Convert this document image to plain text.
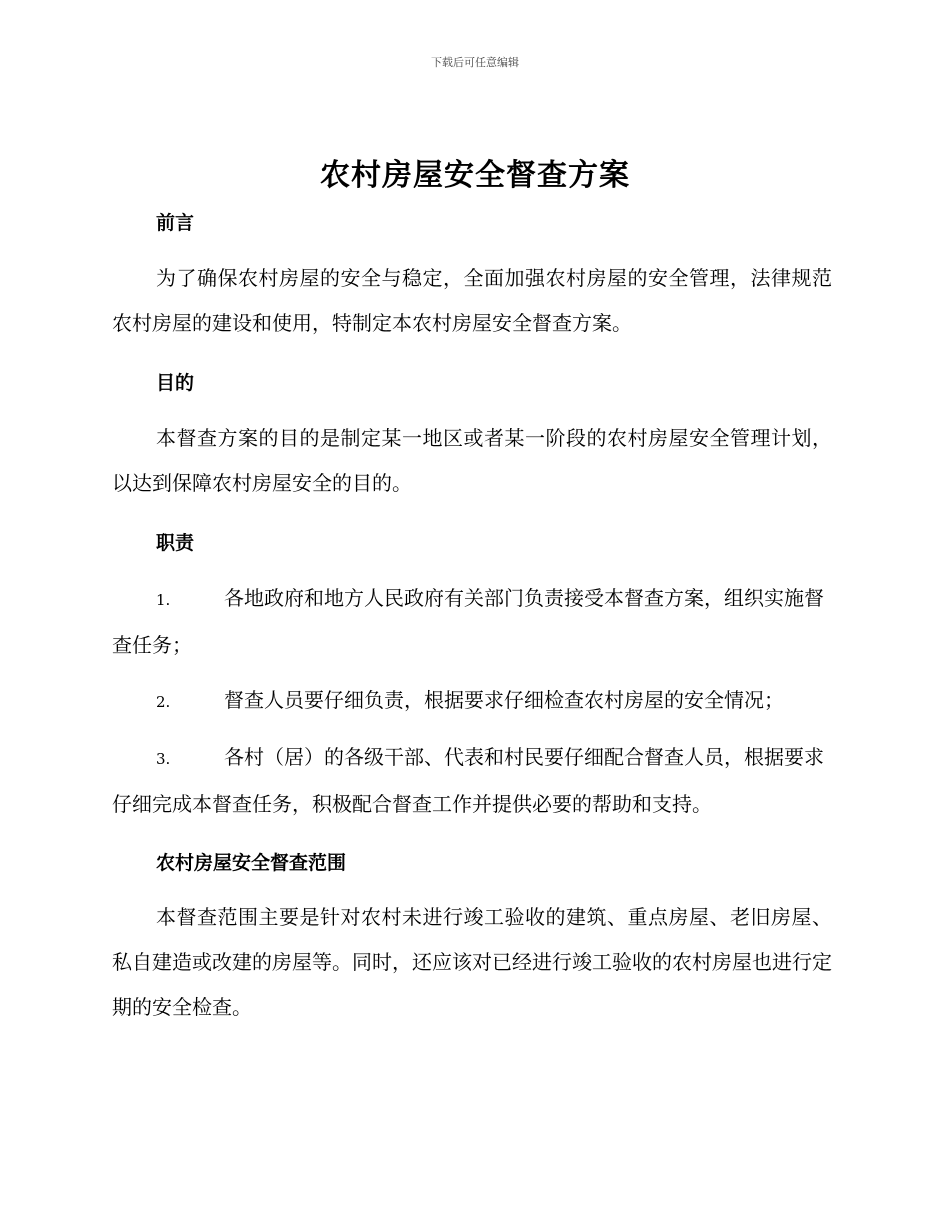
下载后可任意编辑
农村房屋安全督查方案
前言
为了确保农村房屋的安全与稳定，全面加强农村房屋的安全管理，法律规范农村房屋的建设和使用，特制定本农村房屋安全督查方案。
目的
本督查方案的目的是制定某一地区或者某一阶段的农村房屋安全管理计划，以达到保障农村房屋安全的目的。
职责
1.	各地政府和地方人民政府有关部门负责接受本督查方案，组织实施督查任务；
2.	督查人员要仔细负责，根据要求仔细检查农村房屋的安全情况；
3.	各村（居）的各级干部、代表和村民要仔细配合督查人员，根据要求仔细完成本督查任务，积极配合督查工作并提供必要的帮助和支持。
农村房屋安全督查范围
本督查范围主要是针对农村未进行竣工验收的建筑、重点房屋、老旧房屋、私自建造或改建的房屋等。同时，还应该对已经进行竣工验收的农村房屋也进行定期的安全检查。
